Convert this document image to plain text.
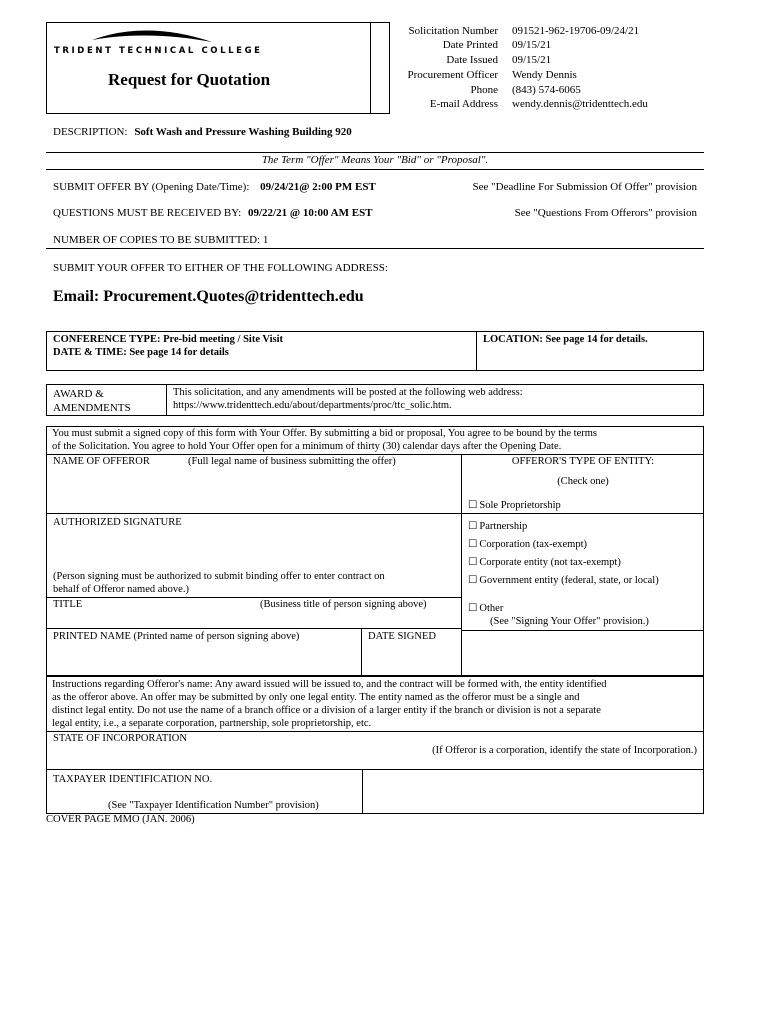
TRIDENT TECHNICAL COLLEGE
Request for Quotation
Solicitation Number 091521-962-19706-09/24/21
Date Printed 09/15/21
Date Issued 09/15/21
Procurement Officer Wendy Dennis
Phone (843) 574-6065
E-mail Address wendy.dennis@tridenttech.edu
DESCRIPTION: Soft Wash and Pressure Washing Building 920
The Term "Offer" Means Your "Bid" or "Proposal".
SUBMIT OFFER BY (Opening Date/Time): 09/24/21@ 2:00 PM EST	See "Deadline For Submission Of Offer" provision
QUESTIONS MUST BE RECEIVED BY: 09/22/21 @ 10:00 AM EST	See "Questions From Offerors" provision
NUMBER OF COPIES TO BE SUBMITTED: 1
SUBMIT YOUR OFFER TO EITHER OF THE FOLLOWING ADDRESS:
Email: Procurement.Quotes@tridenttech.edu
CONFERENCE TYPE: Pre-bid meeting / Site Visit
DATE & TIME: See page 14 for details
LOCATION: See page 14 for details.
AWARD &
AMENDMENTS
This solicitation, and any amendments will be posted at the following web address:
https://www.tridenttech.edu/about/departments/proc/ttc_solic.htm.
You must submit a signed copy of this form with Your Offer. By submitting a bid or proposal, You agree to be bound by the terms
of the Solicitation. You agree to hold Your Offer open for a minimum of thirty (30) calendar days after the Opening Date.
NAME OF OFFEROR	(Full legal name of business submitting the offer)
AUTHORIZED SIGNATURE
(Person signing must be authorized to submit binding offer to enter contract on
behalf of Offeror named above.)
TITLE	(Business title of person signing above)
PRINTED NAME (Printed name of person signing above)	DATE SIGNED
OFFEROR'S TYPE OF ENTITY:
(Check one)
☐ Sole Proprietorship
☐ Partnership
☐ Corporation (tax-exempt)
☐ Corporate entity (not tax-exempt)
☐ Government entity (federal, state, or local)
☐ Other
(See "Signing Your Offer" provision.)
Instructions regarding Offeror's name: Any award issued will be issued to, and the contract will be formed with, the entity identified
as the offeror above. An offer may be submitted by only one legal entity. The entity named as the offeror must be a single and
distinct legal entity. Do not use the name of a branch office or a division of a larger entity if the branch or division is not a separate
legal entity, i.e., a separate corporation, partnership, sole proprietorship, etc.
STATE OF INCORPORATION
(If Offeror is a corporation, identify the state of Incorporation.)
TAXPAYER IDENTIFICATION NO.
(See "Taxpayer Identification Number" provision)
COVER PAGE MMO (JAN. 2006)
